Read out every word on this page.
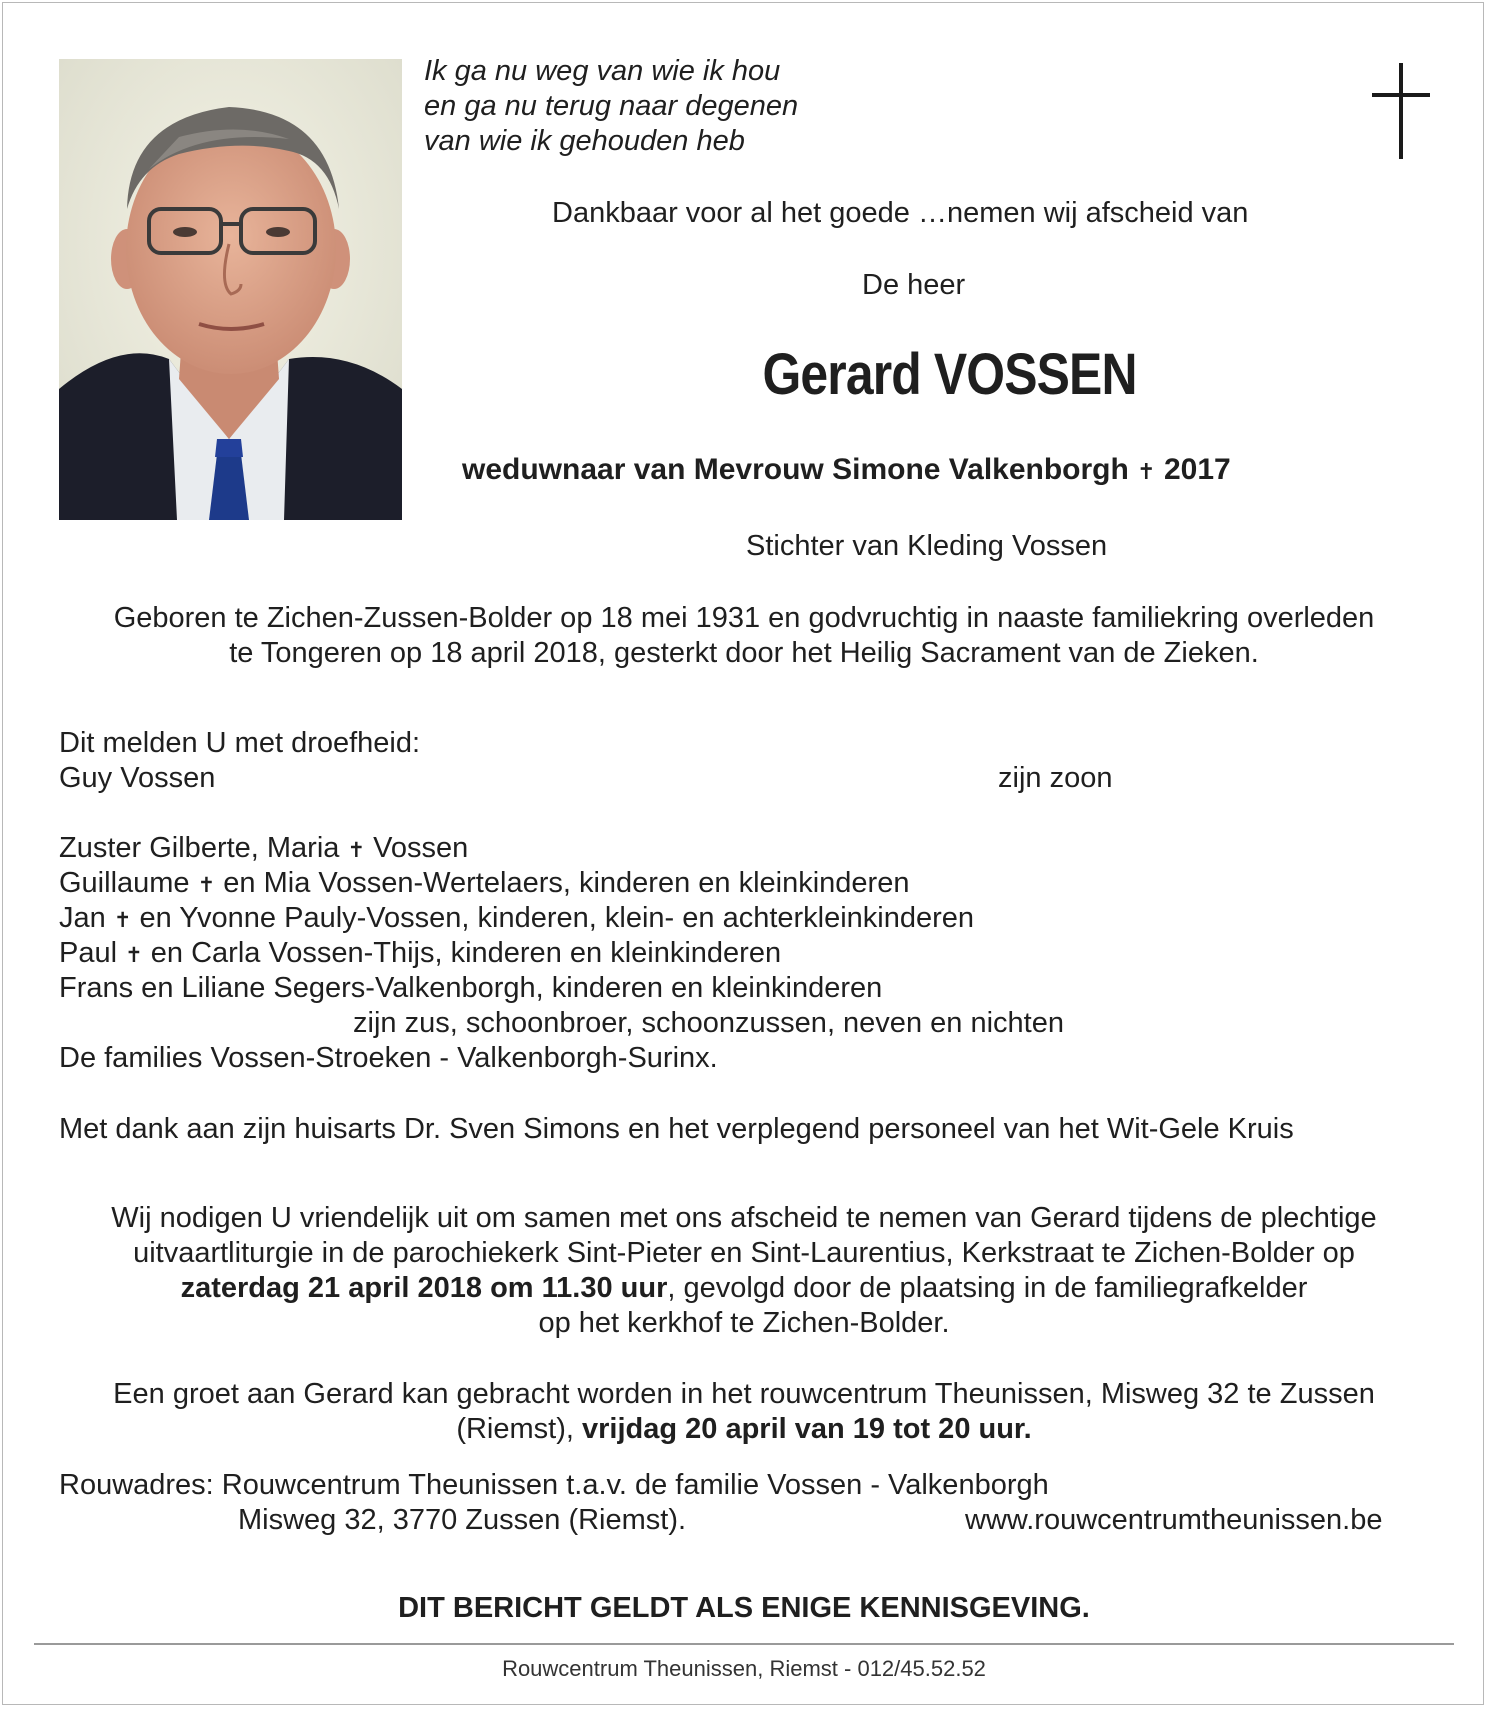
Ik ga nu weg van wie ik hou
en ga nu terug naar degenen
van wie ik gehouden heb
Dankbaar voor al het goede …nemen wij afscheid van
De heer
Gerard VOSSEN
weduwnaar van Mevrouw Simone Valkenborgh ✝ 2017
Stichter van Kleding Vossen
Geboren te Zichen-Zussen-Bolder op 18 mei 1931 en godvruchtig in naaste familiekring overleden
te Tongeren op 18 april 2018, gesterkt door het Heilig Sacrament van de Zieken.
Dit melden U met droefheid:
Guy Vossen	zijn zoon
Zuster Gilberte, Maria ✝ Vossen
Guillaume ✝ en Mia Vossen-Wertelaers, kinderen en kleinkinderen
Jan ✝ en Yvonne Pauly-Vossen, kinderen, klein- en achterkleinkinderen
Paul ✝ en Carla Vossen-Thijs, kinderen en kleinkinderen
Frans en Liliane Segers-Valkenborgh, kinderen en kleinkinderen
zijn zus, schoonbroer, schoonzussen, neven en nichten
De families Vossen-Stroeken - Valkenborgh-Surinx.
Met dank aan zijn huisarts Dr. Sven Simons en het verplegend personeel van het Wit-Gele Kruis
Wij nodigen U vriendelijk uit om samen met ons afscheid te nemen van Gerard tijdens de plechtige
uitvaartliturgie in de parochiekerk Sint-Pieter en Sint-Laurentius, Kerkstraat te Zichen-Bolder op
zaterdag 21 april 2018 om 11.30 uur, gevolgd door de plaatsing in de familiegrafkelder
op het kerkhof te Zichen-Bolder.
Een groet aan Gerard kan gebracht worden in het rouwcentrum Theunissen, Misweg 32 te Zussen
(Riemst), vrijdag 20 april van 19 tot 20 uur.
Rouwadres: Rouwcentrum Theunissen t.a.v. de familie Vossen - Valkenborgh
Misweg 32, 3770 Zussen (Riemst).	www.rouwcentrumtheunissen.be
DIT BERICHT GELDT ALS ENIGE KENNISGEVING.
Rouwcentrum Theunissen, Riemst - 012/45.52.52
